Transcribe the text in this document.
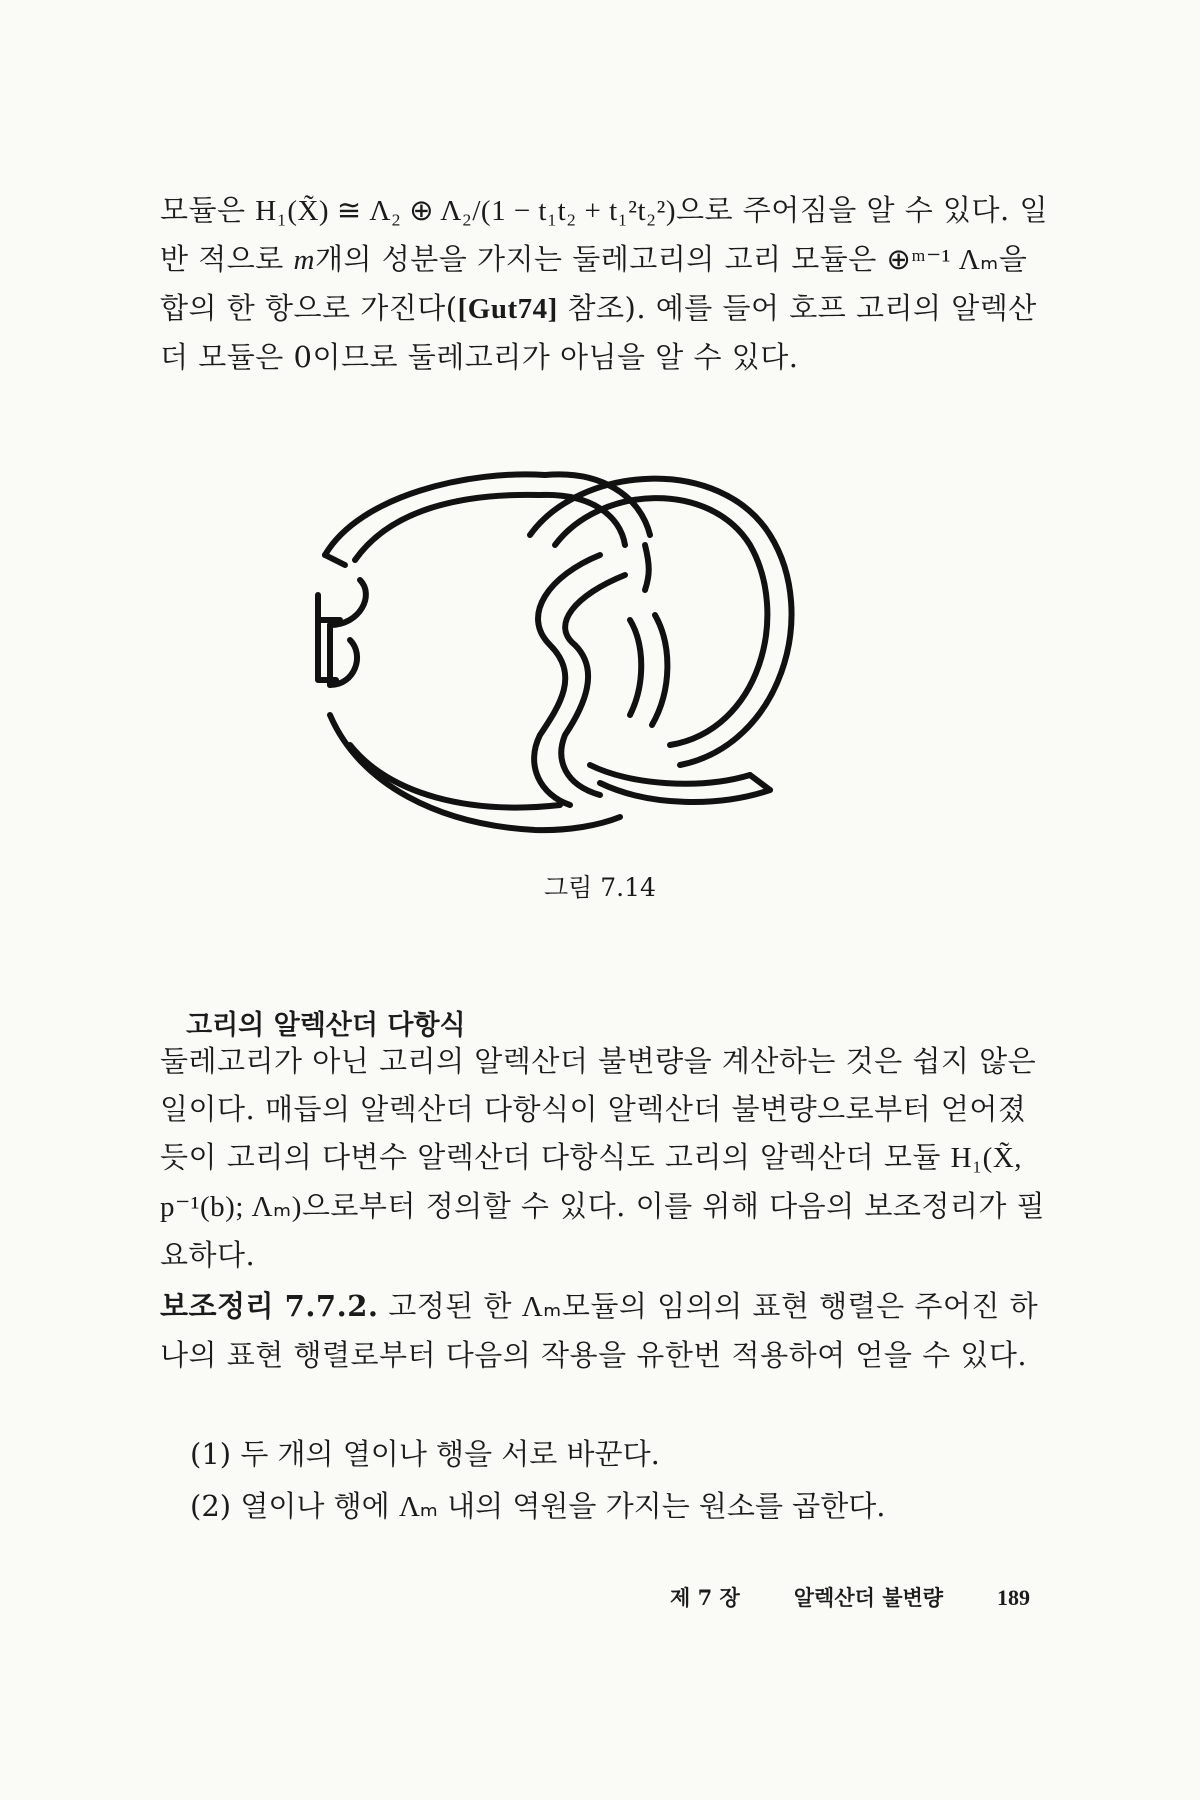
모듈은 H₁(X̃) ≅ Λ₂ ⊕ Λ₂/(1 − t₁t₂ + t₁²t₂²)으로 주어짐을 알 수 있다. 일반 적으로 m개의 성분을 가지는 둘레고리의 고리 모듈은 ⊕ᵐ⁻¹ Λₘ을 합의 한 항으로 가진다([Gut74] 참조). 예를 들어 호프 고리의 알렉산더 모듈은 0이므로 둘레고리가 아님을 알 수 있다.

그림 7.14
고리의 알렉산더 다항식

둘레고리가 아닌 고리의 알렉산더 불변량을 계산하는 것은 쉽지 않은 일이다. 매듭의 알렉산더 다항식이 알렉산더 불변량으로부터 얻어졌듯이 고리의 다변수 알렉산더 다항식도 고리의 알렉산더 모듈 H₁(X̃, p⁻¹(b); Λₘ)으로부터 정의할 수 있다. 이를 위해 다음의 보조정리가 필요하다.

보조정리 7.7.2. 고정된 한 Λₘ모듈의 임의의 표현 행렬은 주어진 하나의 표현 행렬로부터 다음의 작용을 유한번 적용하여 얻을 수 있다.

(1) 두 개의 열이나 행을 서로 바꾼다.
(2) 열이나 행에 Λₘ 내의 역원을 가지는 원소를 곱한다.
제 7 장	알렉산더 불변량 189
